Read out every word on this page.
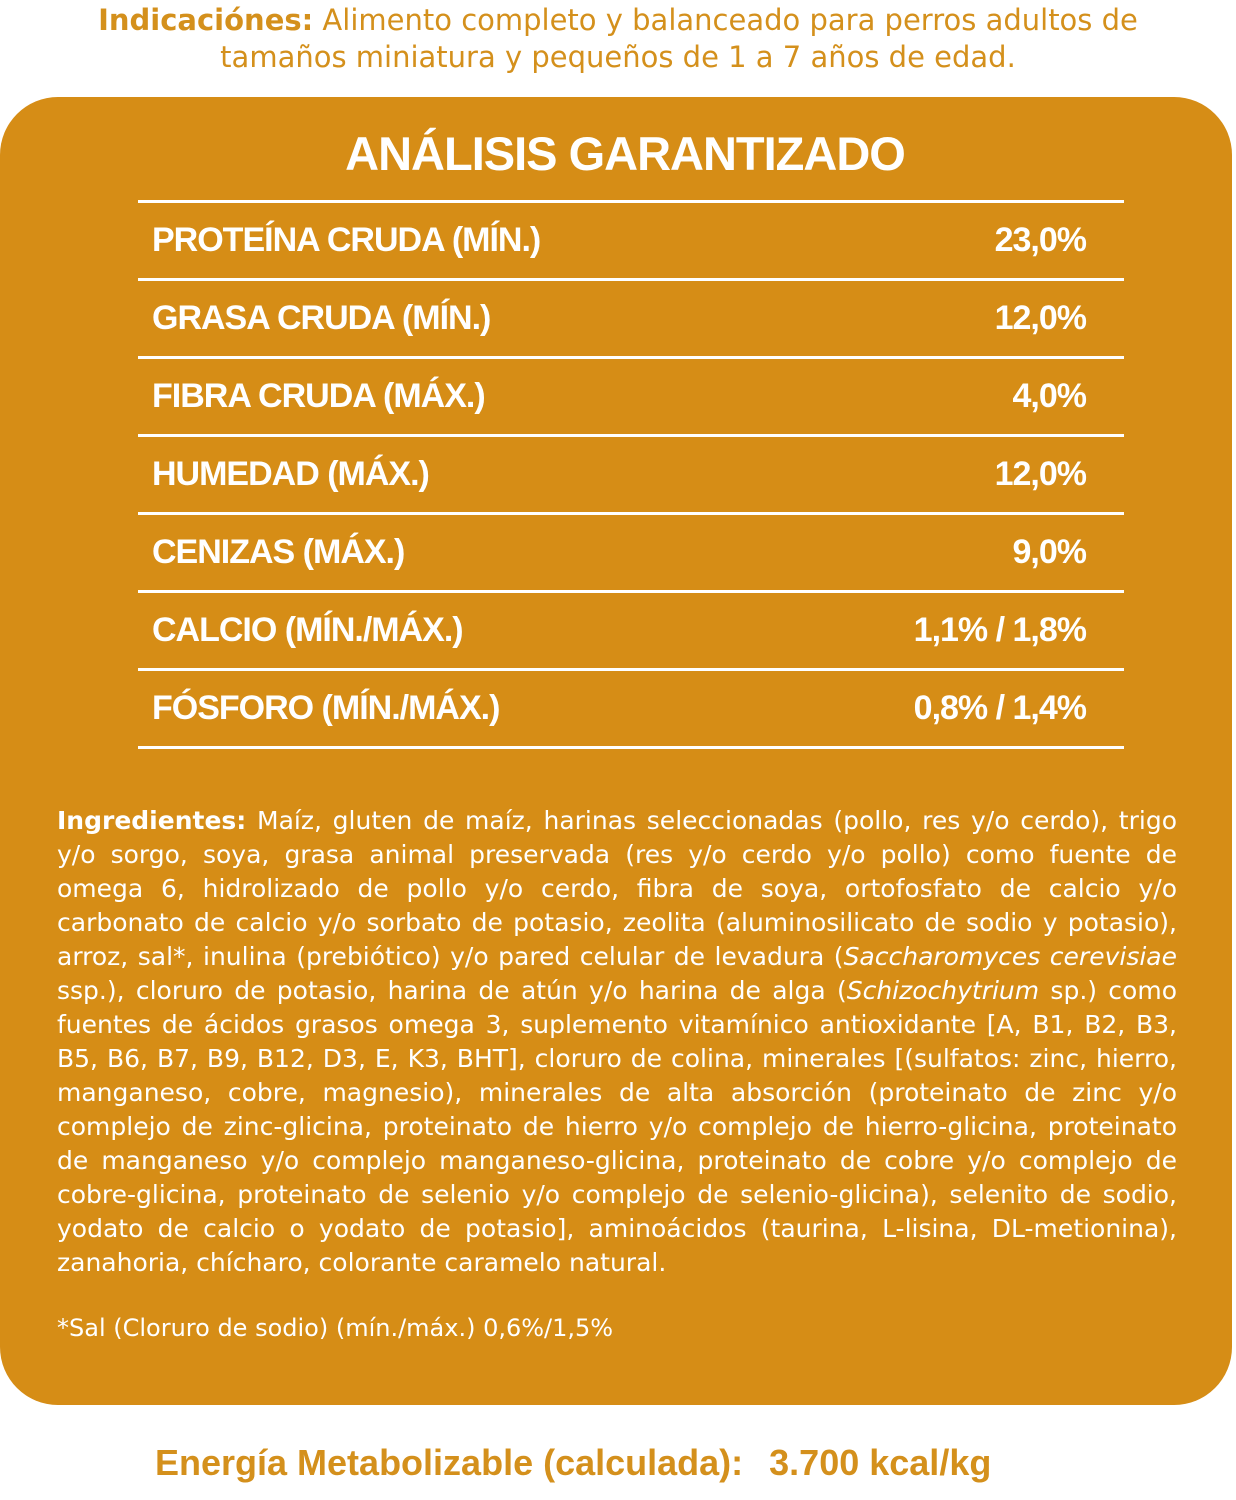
Indicaciónes: Alimento completo y balanceado para perros adultos de tamaños miniatura y pequeños de 1 a 7 años de edad.
ANÁLISIS GARANTIZADO
PROTEÍNA CRUDA (MÍN.)	23,0%
GRASA CRUDA (MÍN.)	12,0%
FIBRA CRUDA (MÁX.)	4,0%
HUMEDAD (MÁX.)	12,0%
CENIZAS (MÁX.)	9,0%
CALCIO (MÍN./MÁX.)	1,1% / 1,8%
FÓSFORO (MÍN./MÁX.)	0,8% / 1,4%
Ingredientes: Maíz, gluten de maíz, harinas seleccionadas (pollo, res y/o cerdo), trigo y/o sorgo, soya, grasa animal preservada (res y/o cerdo y/o pollo) como fuente de omega 6, hidrolizado de pollo y/o cerdo, fibra de soya, ortofosfato de calcio y/o carbonato de calcio y/o sorbato de potasio, zeolita (aluminosilicato de sodio y potasio), arroz, sal*, inulina (prebiótico) y/o pared celular de levadura (Saccharomyces cerevisiae ssp.), cloruro de potasio, harina de atún y/o harina de alga (Schizochytrium sp.) como fuentes de ácidos grasos omega 3, suplemento vitamínico antioxidante [A, B1, B2, B3, B5, B6, B7, B9, B12, D3, E, K3, BHT], cloruro de colina, minerales [(sulfatos: zinc, hierro, manganeso, cobre, magnesio), minerales de alta absorción (proteinato de zinc y/o complejo de zinc-glicina, proteinato de hierro y/o complejo de hierro-glicina, proteinato de manganeso y/o complejo manganeso-glicina, proteinato de cobre y/o complejo de cobre-glicina, proteinato de selenio y/o complejo de selenio-glicina), selenito de sodio, yodato de calcio o yodato de potasio], aminoácidos (taurina, L-lisina, DL-metionina), zanahoria, chícharo, colorante caramelo natural.
*Sal (Cloruro de sodio) (mín./máx.) 0,6%/1,5%
Energía Metabolizable (calculada): 3.700 kcal/kg
